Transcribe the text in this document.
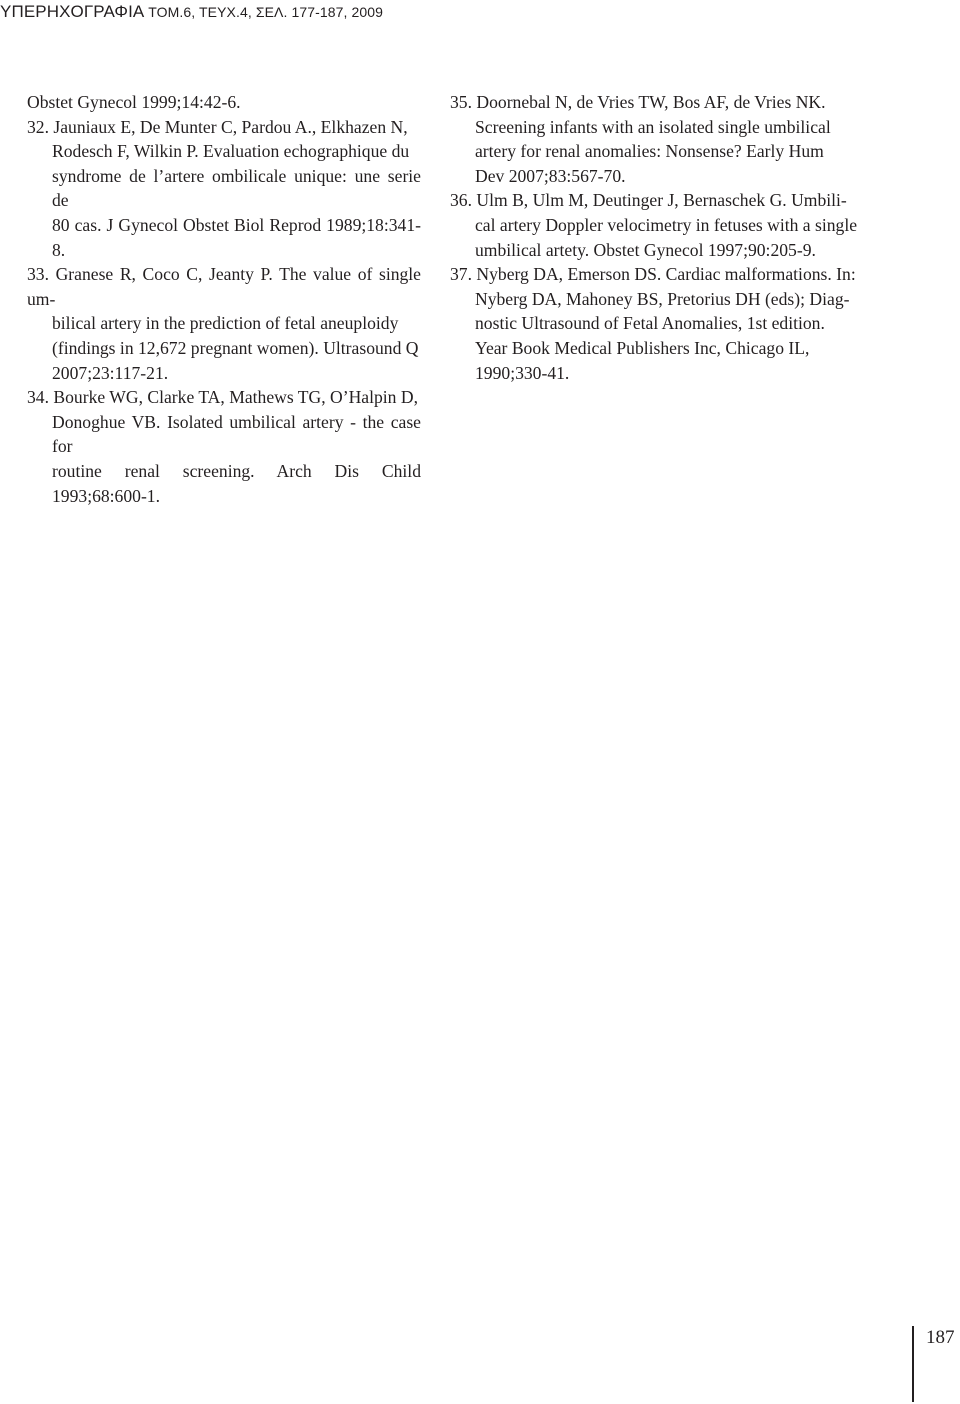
ΥΠΕΡΗΧΟΓΡΑΦΙΑ ΤΟΜ.6, ΤΕΥΧ.4, ΣΕΛ. 177-187, 2009
Obstet Gynecol 1999;14:42-6.
32. Jauniaux E, De Munter C, Pardou A., Elkhazen N,
Rodesch F, Wilkin P. Evaluation echographique du
syndrome de l’artere ombilicale unique: une serie de
80 cas. J Gynecol Obstet Biol Reprod 1989;18:341-8.
33. Granese R, Coco C, Jeanty P. The value of single um-
bilical artery in the prediction of fetal aneuploidy
(findings in 12,672 pregnant women). Ultrasound Q
2007;23:117-21.
34. Bourke WG, Clarke TA, Mathews TG, O’Halpin D,
Donoghue VB. Isolated umbilical artery - the case for
routine renal screening. Arch Dis Child 1993;68:600-1.
35. Doornebal N, de Vries TW, Bos AF, de Vries NK.
Screening infants with an isolated single umbilical
artery for renal anomalies: Nonsense? Early Hum
Dev 2007;83:567-70.
36. Ulm B, Ulm M, Deutinger J, Bernaschek G. Umbili-
cal artery Doppler velocimetry in fetuses with a single
umbilical artety. Obstet Gynecol 1997;90:205-9.
37. Nyberg DA, Emerson DS. Cardiac malformations. In:
Nyberg DA, Mahoney BS, Pretorius DH (eds); Diag-
nostic Ultrasound of Fetal Anomalies, 1st edition.
Year Book Medical Publishers Inc, Chicago IL,
1990;330-41.
187
